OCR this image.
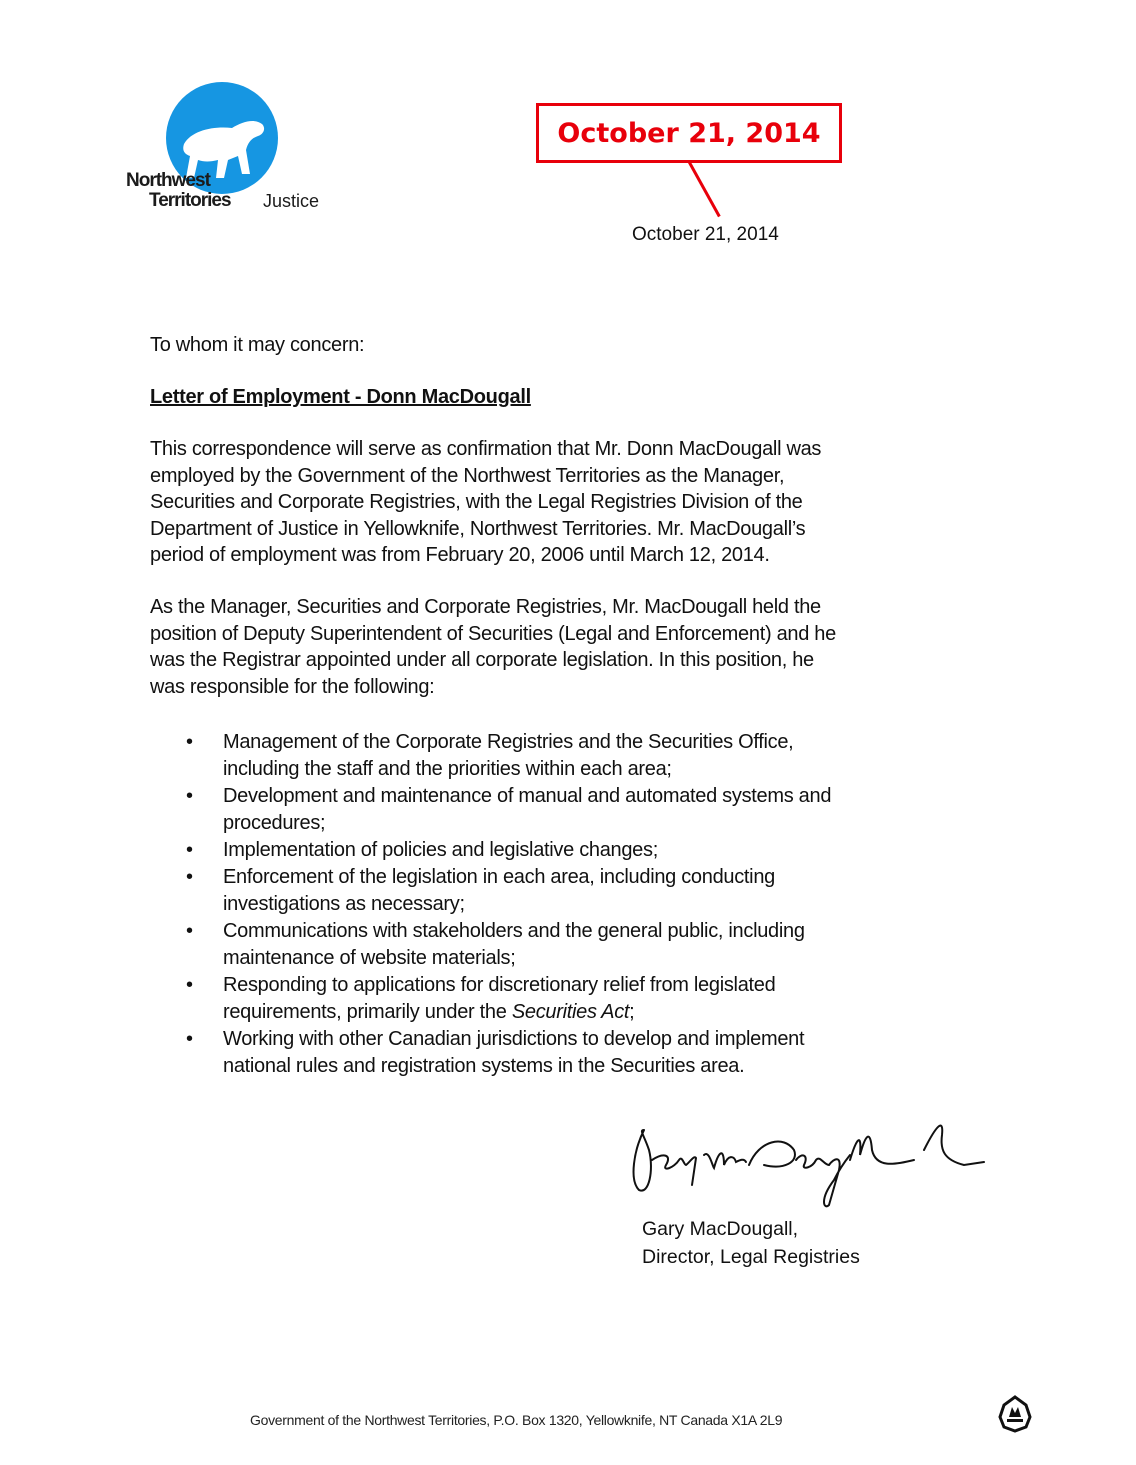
Northwest
Territories Justice
October 21, 2014
October 21, 2014
To whom it may concern:
Letter of Employment - Donn MacDougall
This correspondence will serve as confirmation that Mr. Donn MacDougall was
employed by the Government of the Northwest Territories as the Manager,
Securities and Corporate Registries, with the Legal Registries Division of the
Department of Justice in Yellowknife, Northwest Territories. Mr. MacDougall’s
period of employment was from February 20, 2006 until March 12, 2014.
As the Manager, Securities and Corporate Registries, Mr. MacDougall held the
position of Deputy Superintendent of Securities (Legal and Enforcement) and he
was the Registrar appointed under all corporate legislation. In this position, he
was responsible for the following:
• Management of the Corporate Registries and the Securities Office,
including the staff and the priorities within each area;
• Development and maintenance of manual and automated systems and
procedures;
• Implementation of policies and legislative changes;
• Enforcement of the legislation in each area, including conducting
investigations as necessary;
• Communications with stakeholders and the general public, including
maintenance of website materials;
• Responding to applications for discretionary relief from legislated
requirements, primarily under the Securities Act;
• Working with other Canadian jurisdictions to develop and implement
national rules and registration systems in the Securities area.
Gary MacDougall,
Director, Legal Registries
Government of the Northwest Territories, P.O. Box 1320, Yellowknife, NT Canada X1A 2L9
